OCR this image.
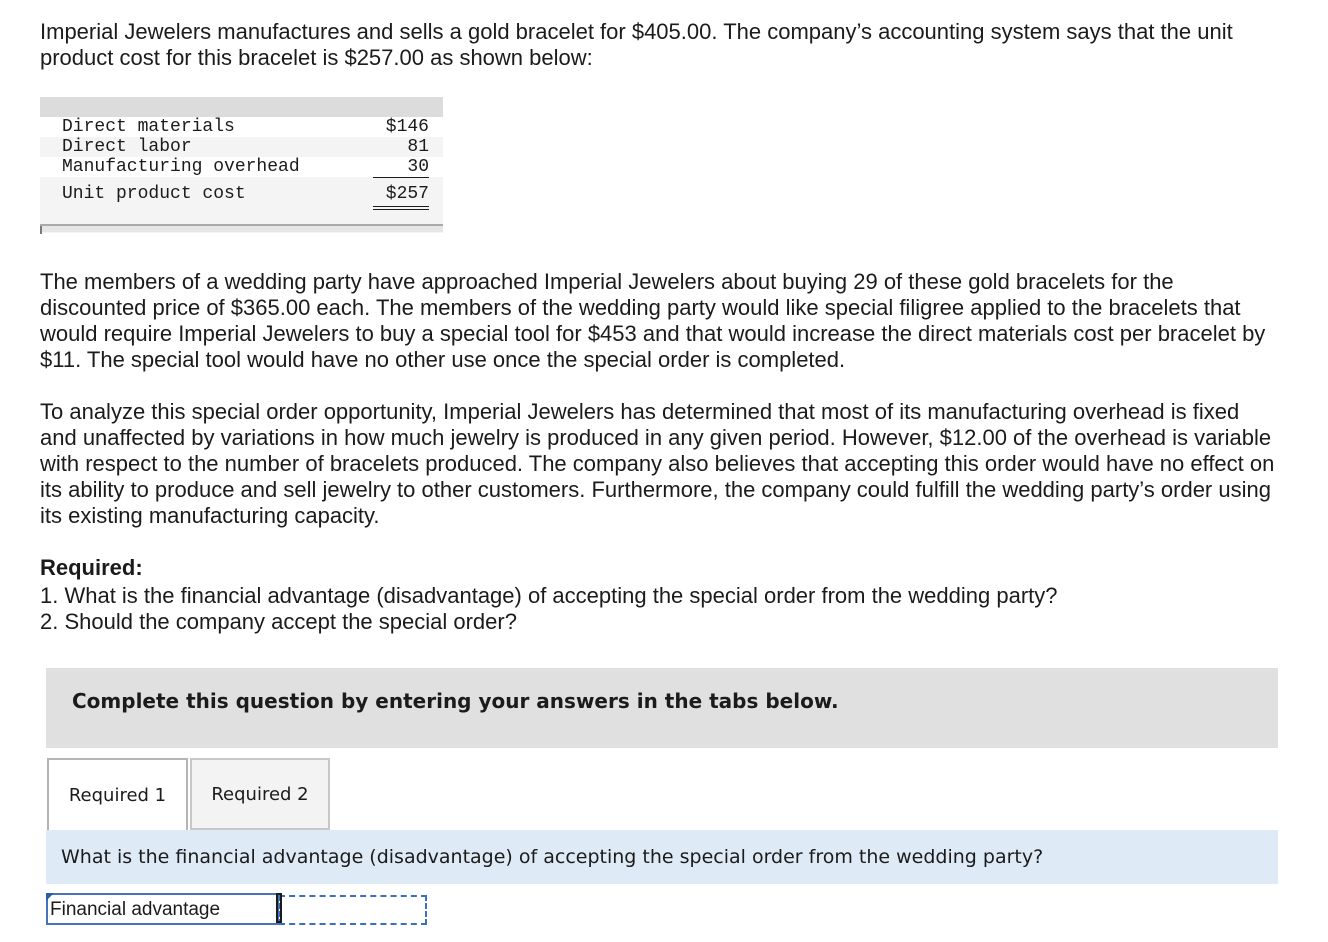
Imperial Jewelers manufactures and sells a gold bracelet for $405.00. The company’s accounting system says that the unit product cost for this bracelet is $257.00 as shown below:

Direct materials	$146
Direct labor	81
Manufacturing overhead	30
Unit product cost	$257

The members of a wedding party have approached Imperial Jewelers about buying 29 of these gold bracelets for the discounted price of $365.00 each. The members of the wedding party would like special filigree applied to the bracelets that would require Imperial Jewelers to buy a special tool for $453 and that would increase the direct materials cost per bracelet by $11. The special tool would have no other use once the special order is completed.

To analyze this special order opportunity, Imperial Jewelers has determined that most of its manufacturing overhead is fixed and unaffected by variations in how much jewelry is produced in any given period. However, $12.00 of the overhead is variable with respect to the number of bracelets produced. The company also believes that accepting this order would have no effect on its ability to produce and sell jewelry to other customers. Furthermore, the company could fulfill the wedding party’s order using its existing manufacturing capacity.

Required:

1. What is the financial advantage (disadvantage) of accepting the special order from the wedding party?
2. Should the company accept the special order?

Complete this question by entering your answers in the tabs below.

Required 1	Required 2

What is the financial advantage (disadvantage) of accepting the special order from the wedding party?

Financial advantage
